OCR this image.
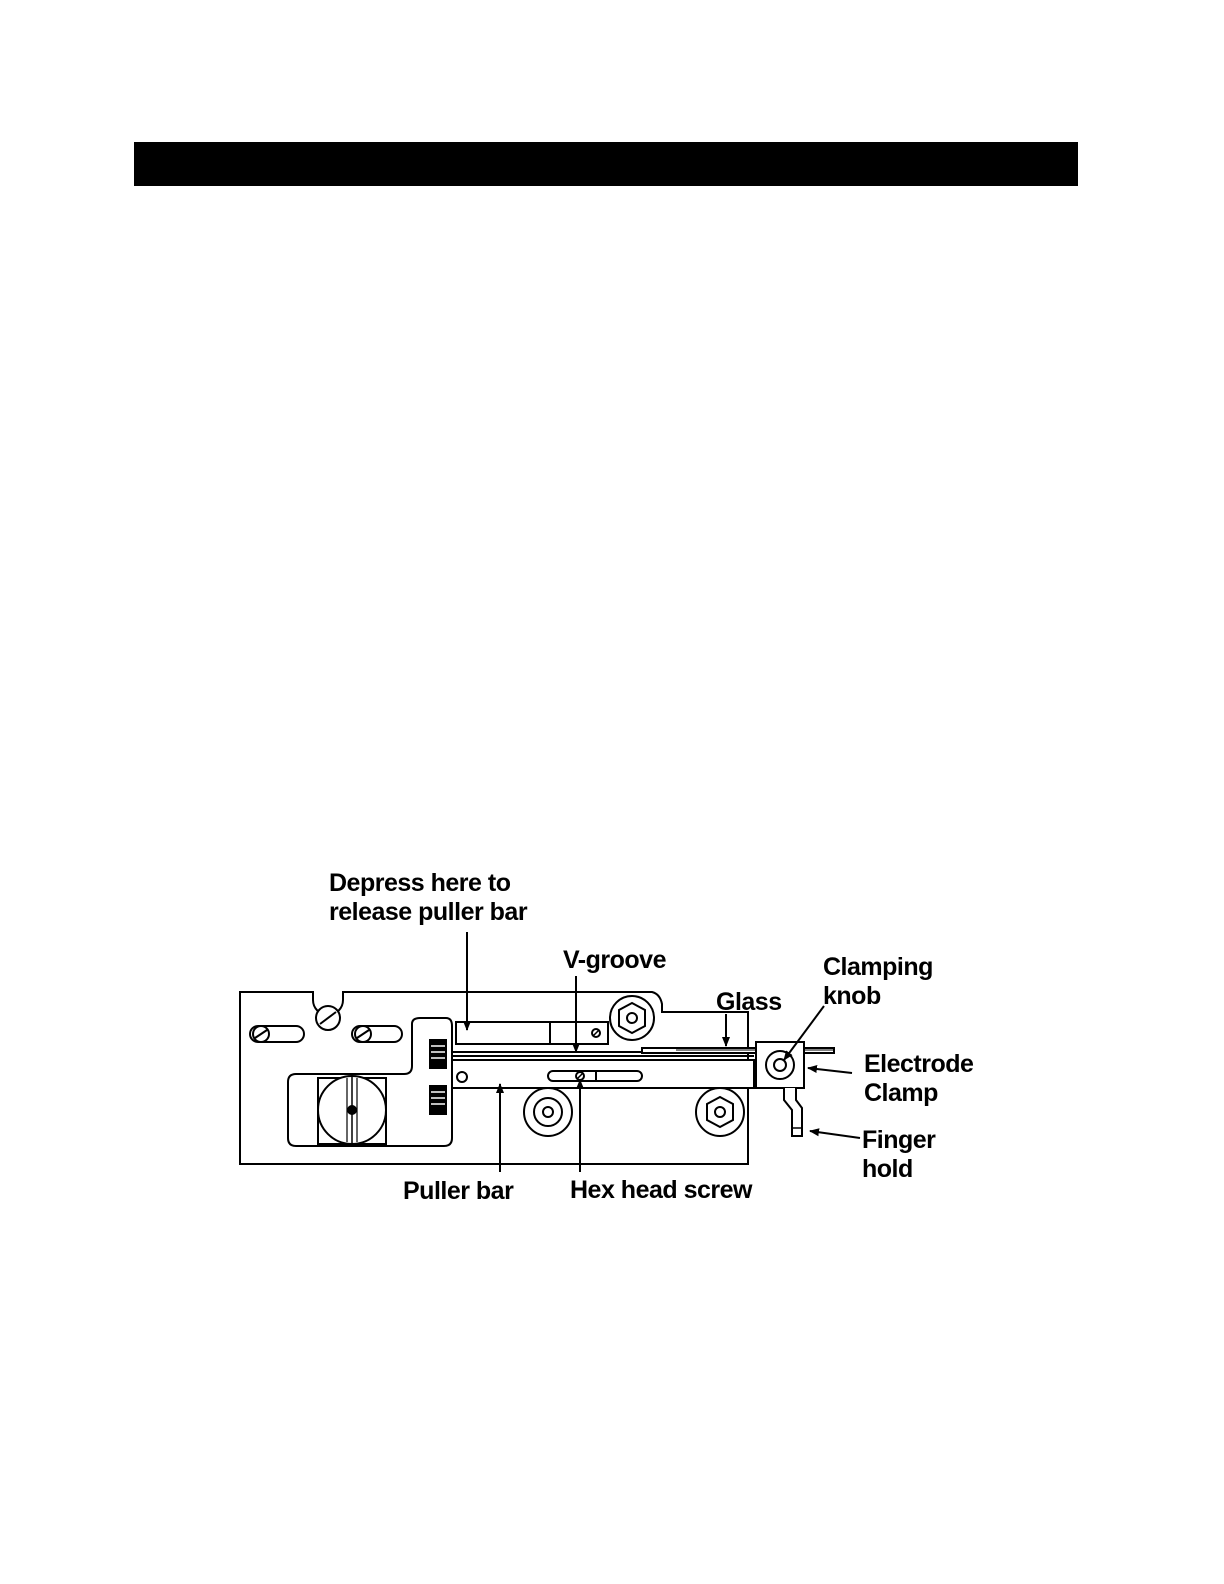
Depress here to
release puller bar
V-groove
Glass
Clamping
knob
Electrode
Clamp
Finger
hold
Puller bar Hex head screw
